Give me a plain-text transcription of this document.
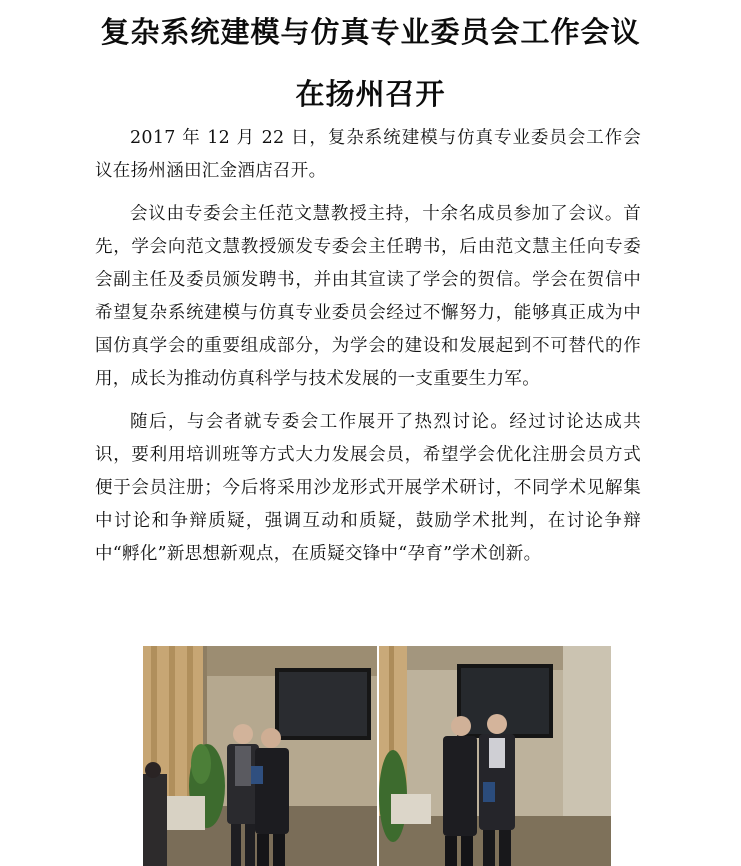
复杂系统建模与仿真专业委员会工作会议
在扬州召开

2017 年 12 月 22 日，复杂系统建模与仿真专业委员会工作会议在扬州涵田汇金酒店召开。

会议由专委会主任范文慧教授主持，十余名成员参加了会议。首先，学会向范文慧教授颁发专委会主任聘书，后由范文慧主任向专委会副主任及委员颁发聘书，并由其宣读了学会的贺信。学会在贺信中希望复杂系统建模与仿真专业委员会经过不懈努力，能够真正成为中国仿真学会的重要组成部分，为学会的建设和发展起到不可替代的作用，成长为推动仿真科学与技术发展的一支重要生力军。

随后，与会者就专委会工作展开了热烈讨论。经过讨论达成共识，要利用培训班等方式大力发展会员，希望学会优化注册会员方式便于会员注册；今后将采用沙龙形式开展学术研讨，不同学术见解集中讨论和争辩质疑，强调互动和质疑，鼓励学术批判，在讨论争辩中“孵化”新思想新观点，在质疑交锋中“孕育”学术创新。
